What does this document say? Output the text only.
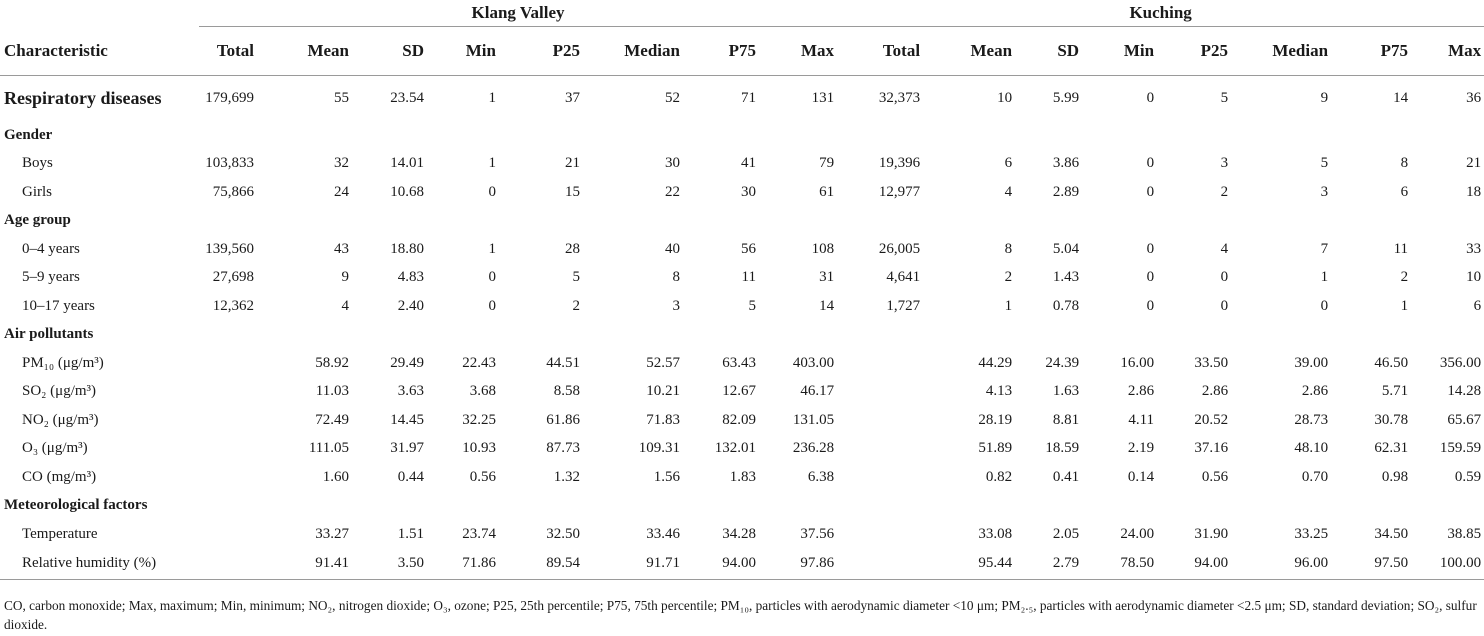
	Klang Valley								Kuching							
Characteristic	Total	Mean	SD	Min	P25	Median	P75	Max	Total	Mean	SD	Min	P25	Median	P75	Max
Respiratory diseases	179,699	55	23.54	1	37	52	71	131	32,373	10	5.99	0	5	9	14	36
Gender																
Boys	103,833	32	14.01	1	21	30	41	79	19,396	6	3.86	0	3	5	8	21
Girls	75,866	24	10.68	0	15	22	30	61	12,977	4	2.89	0	2	3	6	18
Age group																
0–4 years	139,560	43	18.80	1	28	40	56	108	26,005	8	5.04	0	4	7	11	33
5–9 years	27,698	9	4.83	0	5	8	11	31	4,641	2	1.43	0	0	1	2	10
10–17 years	12,362	4	2.40	0	2	3	5	14	1,727	1	0.78	0	0	0	1	6
Air pollutants																
PM₁₀ (μg/m³)		58.92	29.49	22.43	44.51	52.57	63.43	403.00		44.29	24.39	16.00	33.50	39.00	46.50	356.00
SO₂ (μg/m³)		11.03	3.63	3.68	8.58	10.21	12.67	46.17		4.13	1.63	2.86	2.86	2.86	5.71	14.28
NO₂ (μg/m³)		72.49	14.45	32.25	61.86	71.83	82.09	131.05		28.19	8.81	4.11	20.52	28.73	30.78	65.67
O₃ (μg/m³)		111.05	31.97	10.93	87.73	109.31	132.01	236.28		51.89	18.59	2.19	37.16	48.10	62.31	159.59
CO (mg/m³)		1.60	0.44	0.56	1.32	1.56	1.83	6.38		0.82	0.41	0.14	0.56	0.70	0.98	0.59
Meteorological factors																
Temperature		33.27	1.51	23.74	32.50	33.46	34.28	37.56		33.08	2.05	24.00	31.90	33.25	34.50	38.85
Relative humidity (%)		91.41	3.50	71.86	89.54	91.71	94.00	97.86		95.44	2.79	78.50	94.00	96.00	97.50	100.00
CO, carbon monoxide; Max, maximum; Min, minimum; NO₂, nitrogen dioxide; O₃, ozone; P25, 25th percentile; P75, 75th percentile; PM₁₀, particles with aerodynamic diameter <10 μm; PM₂.₅, particles with aerodynamic diameter <2.5 μm; SD, standard deviation; SO₂, sulfur dioxide.
